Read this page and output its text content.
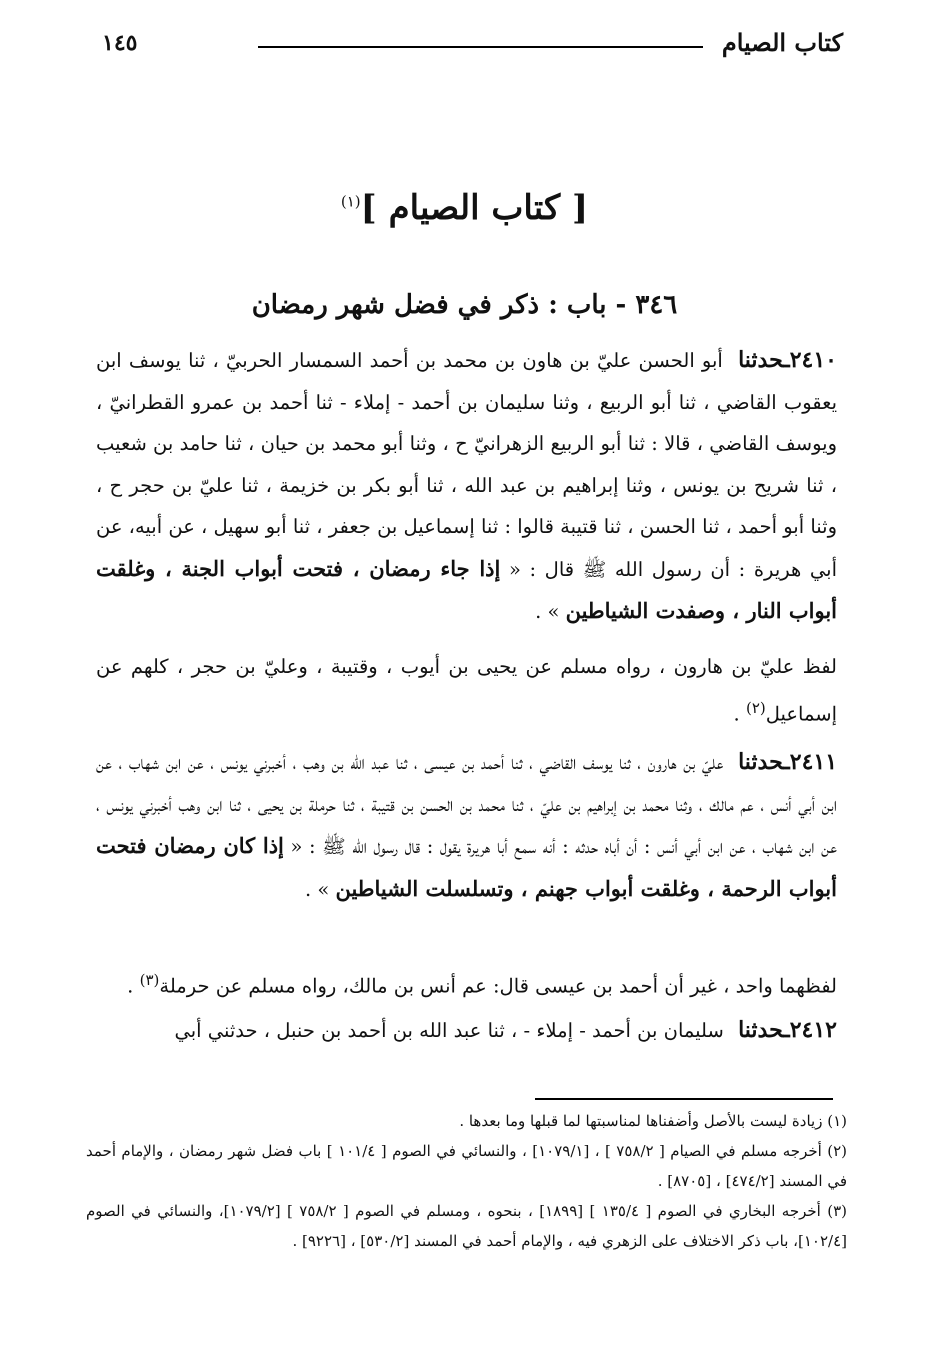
١٤٥	كتاب الصيام
[ كتاب الصيام ]$^{(١)}$
٣٤٦ - باب : ذكر في فضل شهر رمضان

٢٤١٠ـحدثنا أبو الحسن عليّ بن هاون بن محمد بن أحمد السمسار الحربيّ ، ثنا يوسف ابن يعقوب القاضي ، ثنا أبو الربيع ، وثنا سليمان بن أحمد - إملاء - ثنا أحمد بن عمرو القطرانيّ ، ويوسف القاضي ، قالا : ثنا أبو الربيع الزهرانيّ ح ، وثنا أبو محمد بن حيان ، ثنا حامد بن شعيب ، ثنا شريح بن يونس ، وثنا إبراهيم بن عبد الله ، ثنا أبو بكر بن خزيمة ، ثنا عليّ بن حجر ح ، وثنا أبو أحمد ، ثنا الحسن ، ثنا قتيبة قالوا : ثنا إسماعيل بن جعفر ، ثنا أبو سهيل ، عن أبيه، عن أبي هريرة : أن رسول الله ﷺ قال : « إذا جاء رمضان ، فتحت أبواب الجنة ، وغلقت أبواب النار ، وصفدت الشياطين » .

لفظ عليّ بن هارون ، رواه مسلم عن يحيى بن أيوب ، وقتيبة ، وعليّ بن حجر ، كلهم عن إسماعيل$^{(٢)}$ .

٢٤١١ـحدثنا عليّ بن هارون ، ثنا يوسف القاضي ، ثنا أحمد بن عيسى ، ثنا عبد الله بن وهب ، أخبرني يونس ، عن ابن شهاب ، عن ابن أبي أنس ، عم مالك ، وثنا محمد بن إبراهيم بن عليّ ، ثنا محمد بن الحسن بن قتيبة ، ثنا حرملة بن يحيى ، ثنا ابن وهب أخبرني يونس ، عن ابن شهاب ، عن ابن أبي أنس : أن أباه حدثه : أنه سمع أبا هريرة يقول : قال رسول الله ﷺ : « إذا كان رمضان فتحت أبواب الرحمة ، وغلقت أبواب جهنم ، وتسلسلت الشياطين » .

لفظهما واحد ، غير أن أحمد بن عيسى قال: عم أنس بن مالك، رواه مسلم عن حرملة$^{(٣)}$ .

٢٤١٢ـحدثنا سليمان بن أحمد - إملاء - ، ثنا عبد الله بن أحمد بن حنبل ، حدثني أبي

(١) زيادة ليست بالأصل وأضفناها لمناسبتها لما قبلها وما بعدها .

(٢) أخرجه مسلم في الصيام [ ٧٥٨/٢ ] ، [١٠٧٩/١] ، والنسائي في الصوم [ ١٠١/٤ ] باب فضل شهر رمضان ، والإمام أحمد في المسند [٤٧٤/٢] ، [٨٧٠٥] .

(٣) أخرجه البخاري في الصوم [ ١٣٥/٤ ] [١٨٩٩] ، بنحوه ، ومسلم في الصوم [ ٧٥٨/٢ ] [١٠٧٩/٢]، والنسائي في الصوم [١٠٢/٤]، باب ذكر الاختلاف على الزهري فيه ، والإمام أحمد في المسند [٥٣٠/٢] ، [٩٢٢٦] .
